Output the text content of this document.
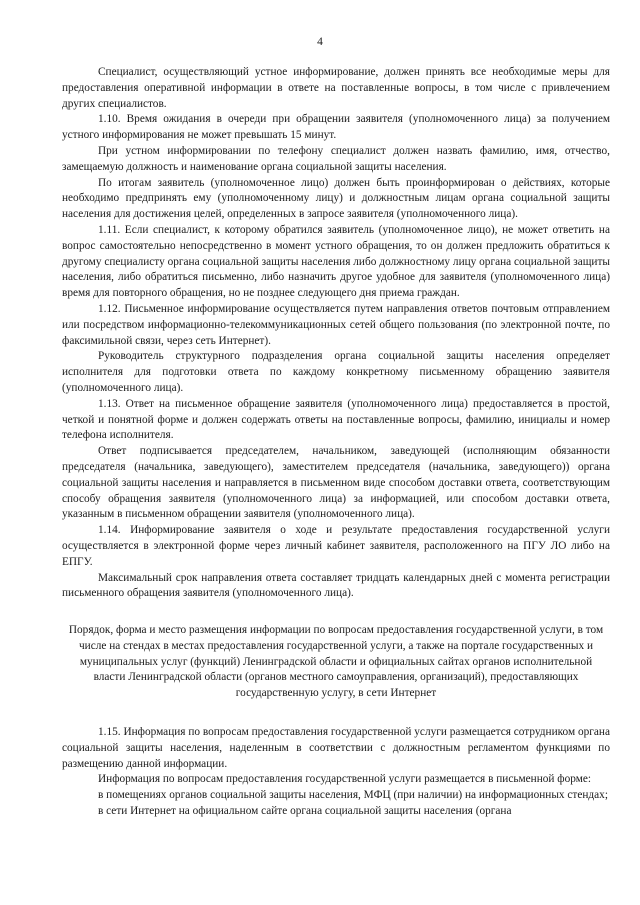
4

Специалист, осуществляющий устное информирование, должен принять все необходимые меры для предоставления оперативной информации в ответе на поставленные вопросы, в том числе с привлечением других специалистов.

1.10. Время ожидания в очереди при обращении заявителя (уполномоченного лица) за получением устного информирования не может превышать 15 минут.

При устном информировании по телефону специалист должен назвать фамилию, имя, отчество, замещаемую должность и наименование органа социальной защиты населения.

По итогам заявитель (уполномоченное лицо) должен быть проинформирован о действиях, которые необходимо предпринять ему (уполномоченному лицу) и должностным лицам органа социальной защиты населения для достижения целей, определенных в запросе заявителя (уполномоченного лица).

1.11. Если специалист, к которому обратился заявитель (уполномоченное лицо), не может ответить на вопрос самостоятельно непосредственно в момент устного обращения, то он должен предложить обратиться к другому специалисту органа социальной защиты населения либо должностному лицу органа социальной защиты населения, либо обратиться письменно, либо назначить другое удобное для заявителя (уполномоченного лица) время для повторного обращения, но не позднее следующего дня приема граждан.

1.12. Письменное информирование осуществляется путем направления ответов почтовым отправлением или посредством информационно-телекоммуникационных сетей общего пользования (по электронной почте, по факсимильной связи, через сеть Интернет).

Руководитель структурного подразделения органа социальной защиты населения определяет исполнителя для подготовки ответа по каждому конкретному письменному обращению заявителя (уполномоченного лица).

1.13. Ответ на письменное обращение заявителя (уполномоченного лица) предоставляется в простой, четкой и понятной форме и должен содержать ответы на поставленные вопросы, фамилию, инициалы и номер телефона исполнителя.

Ответ подписывается председателем, начальником, заведующей (исполняющим обязанности председателя (начальника, заведующего), заместителем председателя (начальника, заведующего)) органа социальной защиты населения и направляется в письменном виде способом доставки ответа, соответствующим способу обращения заявителя (уполномоченного лица) за информацией, или способом доставки ответа, указанным в письменном обращении заявителя (уполномоченного лица).

1.14. Информирование заявителя о ходе и результате предоставления государственной услуги осуществляется в электронной форме через личный кабинет заявителя, расположенного на ПГУ ЛО либо на ЕПГУ.

Максимальный срок направления ответа составляет тридцать календарных дней с момента регистрации письменного обращения заявителя (уполномоченного лица).

Порядок, форма и место размещения информации по вопросам предоставления государственной услуги, в том числе на стендах в местах предоставления государственной услуги, а также на портале государственных и муниципальных услуг (функций) Ленинградской области и официальных сайтах органов исполнительной власти Ленинградской области (органов местного самоуправления, организаций), предоставляющих государственную услугу, в сети Интернет

1.15. Информация по вопросам предоставления государственной услуги размещается сотрудником органа социальной защиты населения, наделенным в соответствии с должностным регламентом функциями по размещению данной информации.

Информация по вопросам предоставления государственной услуги размещается в письменной форме:

в помещениях органов социальной защиты населения, МФЦ (при наличии) на информационных стендах;

в сети Интернет на официальном сайте органа социальной защиты населения (органа
